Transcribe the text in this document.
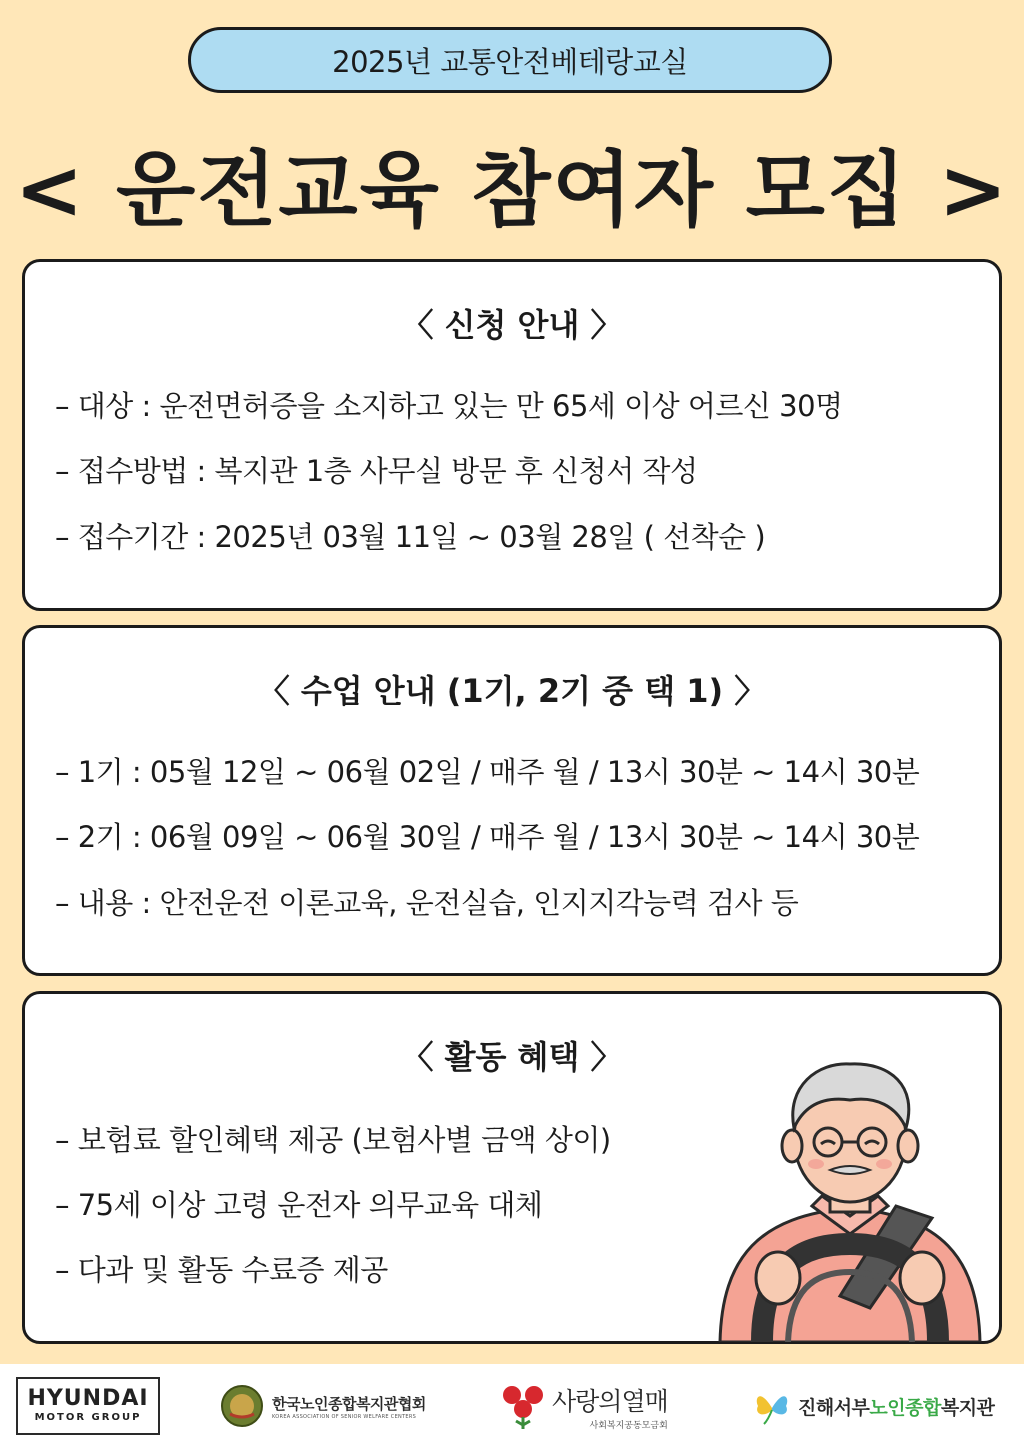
2025년 교통안전베테랑교실
< 운전교육 참여자 모집 >
〈 신청 안내 〉
– 대상 : 운전면허증을 소지하고 있는 만 65세 이상 어르신 30명
– 접수방법 : 복지관 1층 사무실 방문 후 신청서 작성
– 접수기간 : 2025년 03월 11일 ~ 03월 28일 ( 선착순 )
〈 수업 안내 (1기, 2기 중 택 1) 〉
– 1기 : 05월 12일 ~ 06월 02일 / 매주 월 / 13시 30분 ~ 14시 30분
– 2기 : 06월 09일 ~ 06월 30일 / 매주 월 / 13시 30분 ~ 14시 30분
– 내용 : 안전운전 이론교육, 운전실습, 인지지각능력 검사 등
〈 활동 혜택 〉
– 보험료 할인혜택 제공 (보험사별 금액 상이)
– 75세 이상 고령 운전자 의무교육 대체
– 다과 및 활동 수료증 제공
HYUNDAI
MOTOR GROUP
한국노인종합복지관협회
KOREA ASSOCIATION OF SENIOR WELFARE CENTERS
사랑의열매
사회복지공동모금회
진해서부노인종합복지관
